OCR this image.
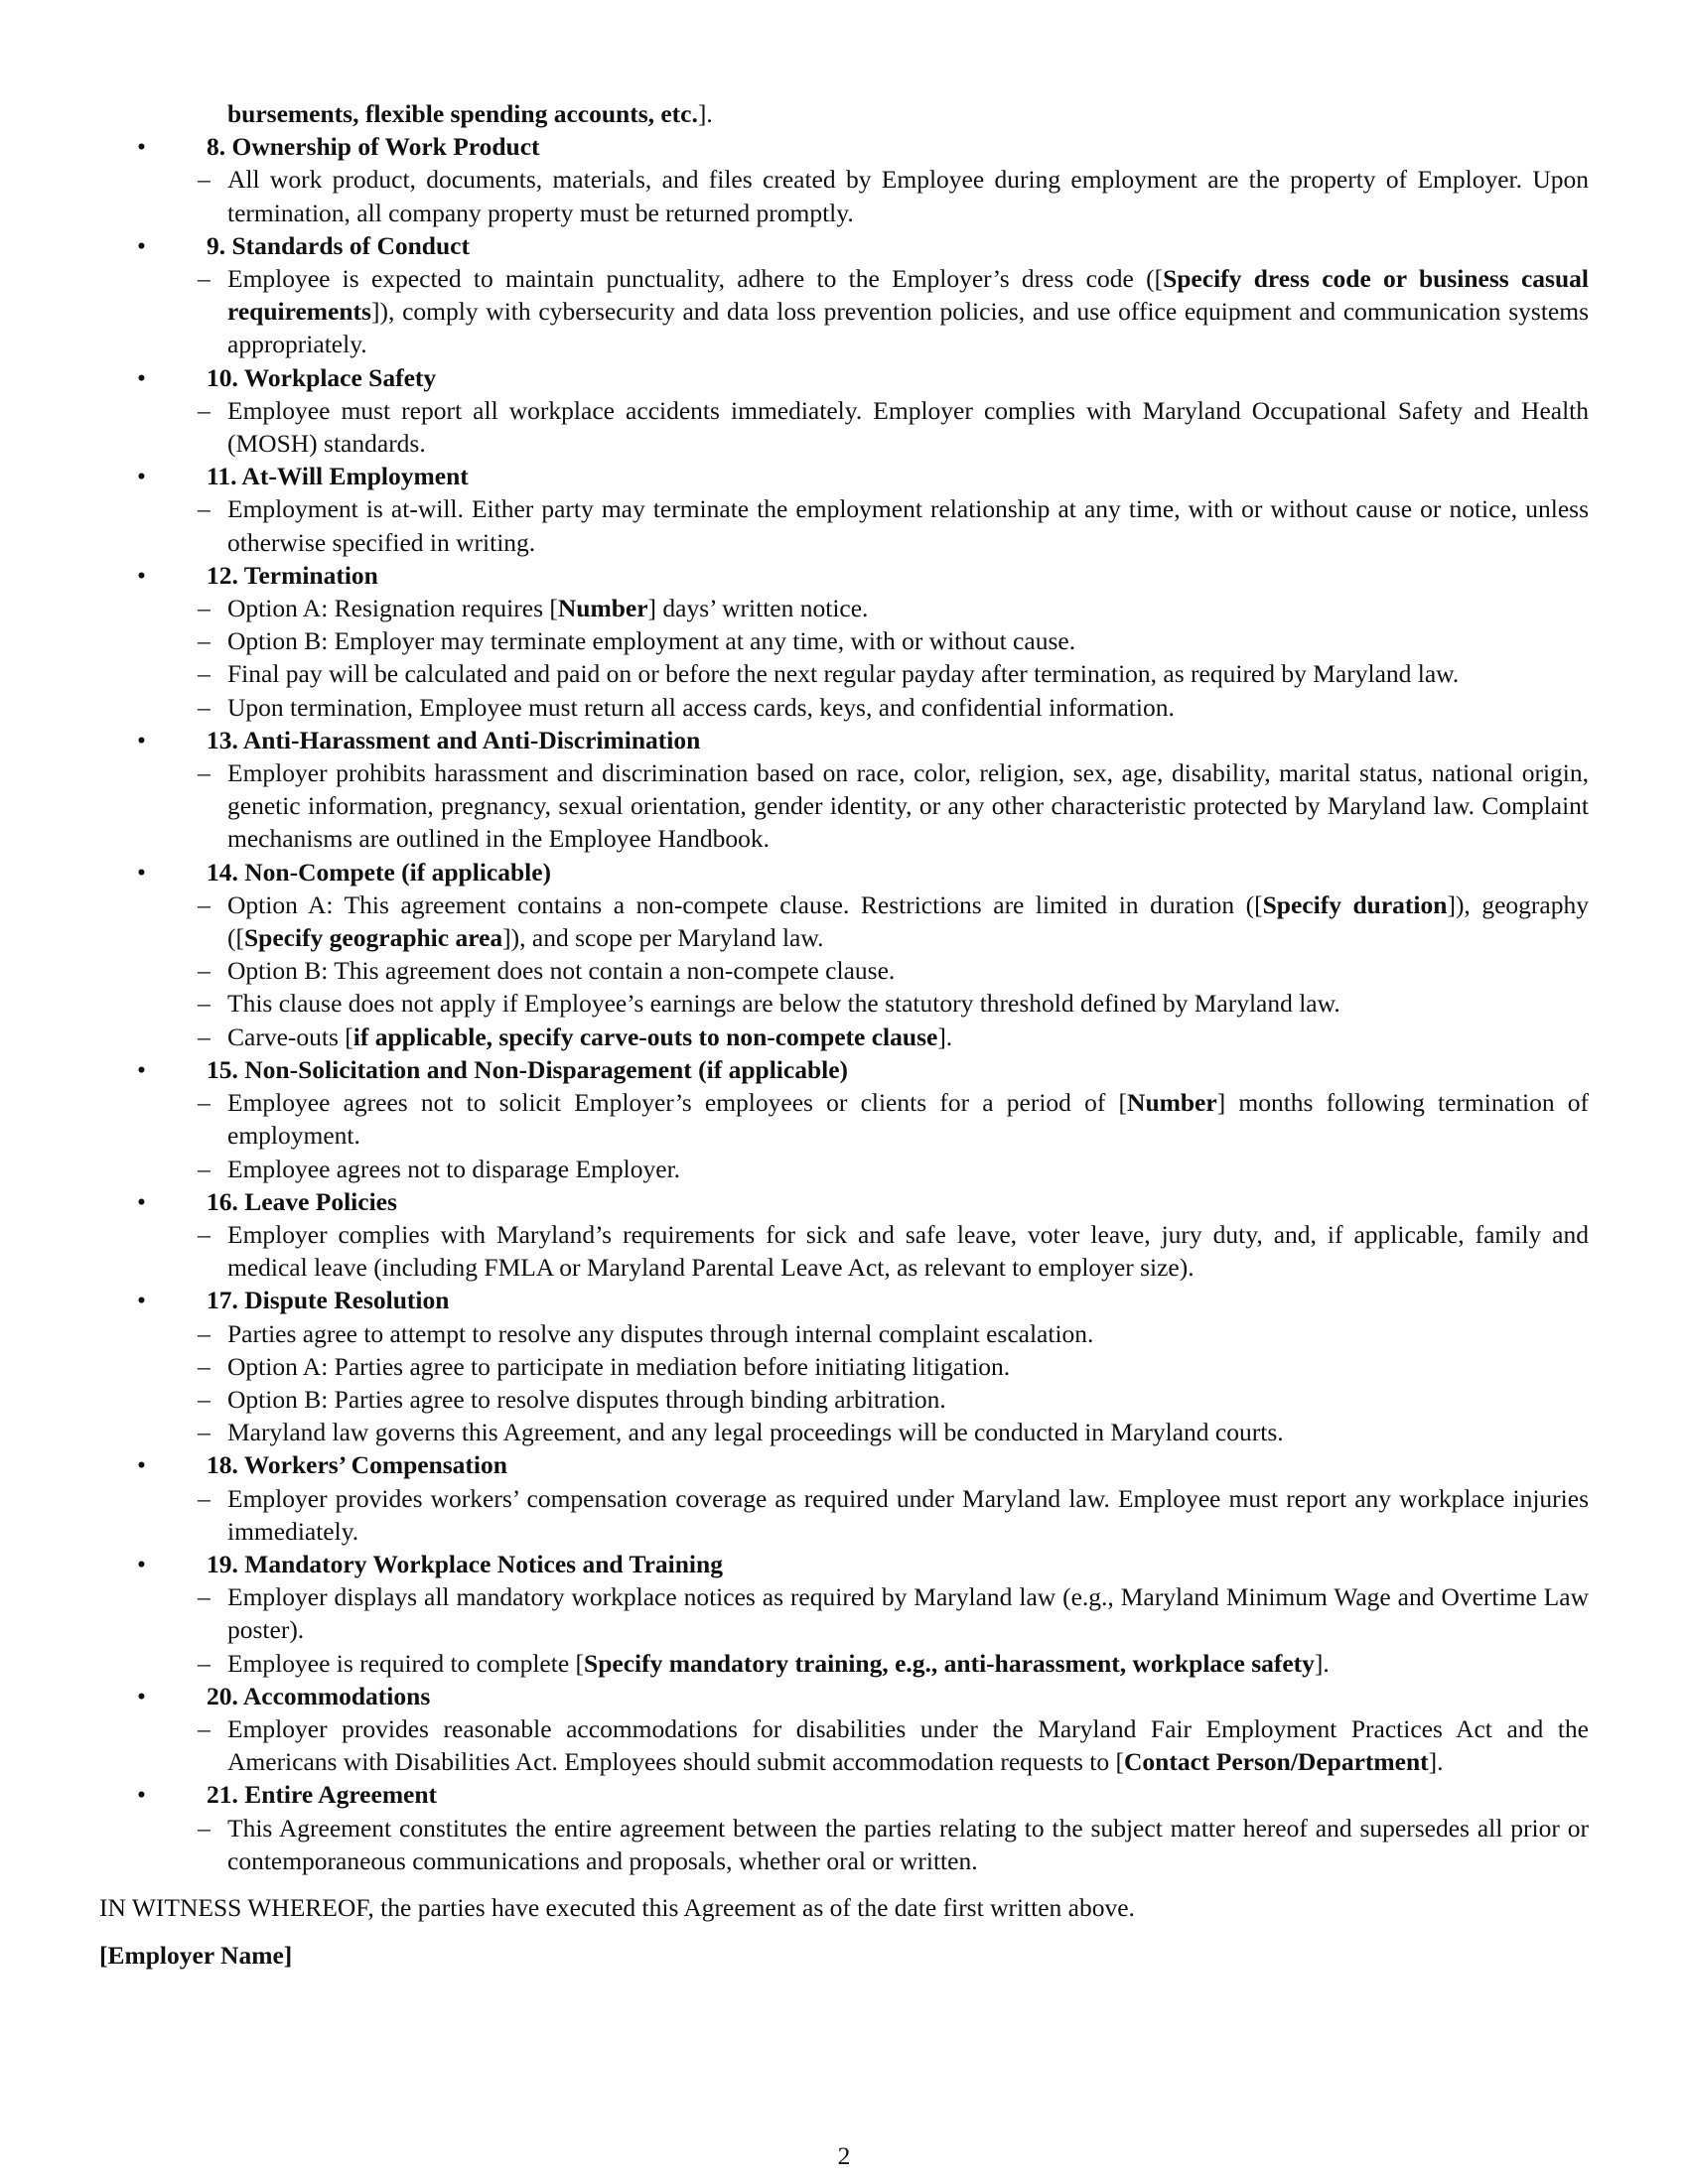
bursements, flexible spending accounts, etc.].
• 8. Ownership of Work Product
– All work product, documents, materials, and files created by Employee during employment are the property of Employer. Upon termination, all company property must be returned promptly.
• 9. Standards of Conduct
– Employee is expected to maintain punctuality, adhere to the Employer’s dress code ([Specify dress code or business casual requirements]), comply with cybersecurity and data loss prevention policies, and use office equipment and communication systems appropriately.
• 10. Workplace Safety
– Employee must report all workplace accidents immediately. Employer complies with Maryland Occupational Safety and Health (MOSH) standards.
• 11. At-Will Employment
– Employment is at-will. Either party may terminate the employment relationship at any time, with or without cause or notice, unless otherwise specified in writing.
• 12. Termination
– Option A: Resignation requires [Number] days’ written notice.
– Option B: Employer may terminate employment at any time, with or without cause.
– Final pay will be calculated and paid on or before the next regular payday after termination, as required by Maryland law.
– Upon termination, Employee must return all access cards, keys, and confidential information.
• 13. Anti-Harassment and Anti-Discrimination
– Employer prohibits harassment and discrimination based on race, color, religion, sex, age, disability, marital status, national origin, genetic information, pregnancy, sexual orientation, gender identity, or any other characteristic protected by Maryland law. Complaint mechanisms are outlined in the Employee Handbook.
• 14. Non-Compete (if applicable)
– Option A: This agreement contains a non-compete clause. Restrictions are limited in duration ([Specify duration]), geography ([Specify geographic area]), and scope per Maryland law.
– Option B: This agreement does not contain a non-compete clause.
– This clause does not apply if Employee’s earnings are below the statutory threshold defined by Maryland law.
– Carve-outs [if applicable, specify carve-outs to non-compete clause].
• 15. Non-Solicitation and Non-Disparagement (if applicable)
– Employee agrees not to solicit Employer’s employees or clients for a period of [Number] months following termination of employment.
– Employee agrees not to disparage Employer.
• 16. Leave Policies
– Employer complies with Maryland’s requirements for sick and safe leave, voter leave, jury duty, and, if applicable, family and medical leave (including FMLA or Maryland Parental Leave Act, as relevant to employer size).
• 17. Dispute Resolution
– Parties agree to attempt to resolve any disputes through internal complaint escalation.
– Option A: Parties agree to participate in mediation before initiating litigation.
– Option B: Parties agree to resolve disputes through binding arbitration.
– Maryland law governs this Agreement, and any legal proceedings will be conducted in Maryland courts.
• 18. Workers’ Compensation
– Employer provides workers’ compensation coverage as required under Maryland law. Employee must report any workplace injuries immediately.
• 19. Mandatory Workplace Notices and Training
– Employer displays all mandatory workplace notices as required by Maryland law (e.g., Maryland Minimum Wage and Overtime Law poster).
– Employee is required to complete [Specify mandatory training, e.g., anti-harassment, workplace safety].
• 20. Accommodations
– Employer provides reasonable accommodations for disabilities under the Maryland Fair Employment Practices Act and the Americans with Disabilities Act. Employees should submit accommodation requests to [Contact Person/Department].
• 21. Entire Agreement
– This Agreement constitutes the entire agreement between the parties relating to the subject matter hereof and supersedes all prior or contemporaneous communications and proposals, whether oral or written.
IN WITNESS WHEREOF, the parties have executed this Agreement as of the date first written above.
[Employer Name]
2
